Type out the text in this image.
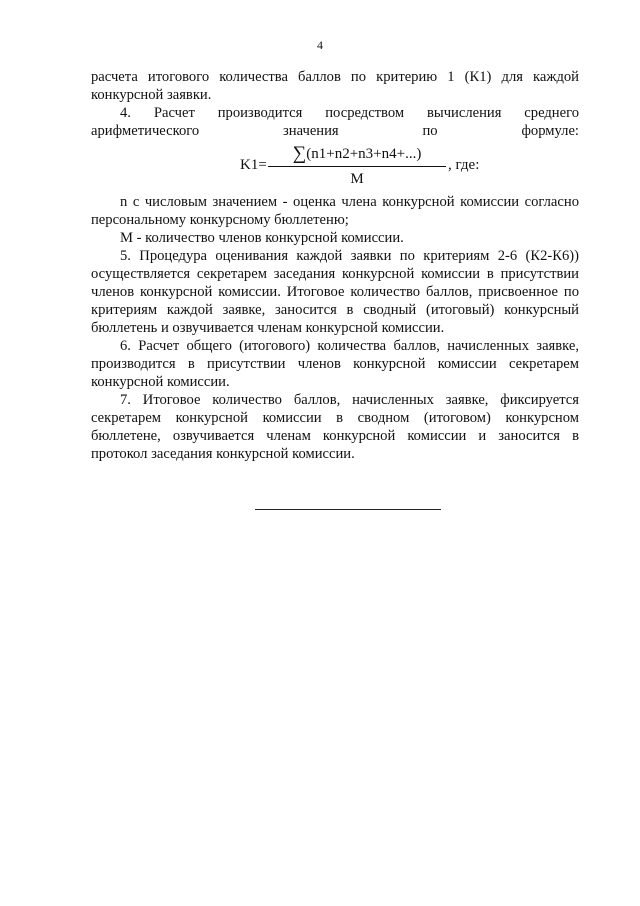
4

расчета итогового количества баллов по критерию 1 (К1) для каждой конкурсной заявки.

4. Расчет производится посредством вычисления среднего арифметического значения по формуле:

K1=
∑(n1+n2+n3+n4+...)
M
, где:

n с числовым значением - оценка члена конкурсной комиссии согласно персональному конкурсному бюллетеню;

М - количество членов конкурсной комиссии.

5. Процедура оценивания каждой заявки по критериям 2-6 (К2-К6)) осуществляется секретарем заседания конкурсной комиссии в присутствии членов конкурсной комиссии. Итоговое количество баллов, присвоенное по критериям каждой заявке, заносится в сводный (итоговый) конкурсный бюллетень и озвучивается членам конкурсной комиссии.

6. Расчет общего (итогового) количества баллов, начисленных заявке, производится в присутствии членов конкурсной комиссии секретарем конкурсной комиссии.

7. Итоговое количество баллов, начисленных заявке, фиксируется секретарем конкурсной комиссии в сводном (итоговом) конкурсном бюллетене, озвучивается членам конкурсной комиссии и заносится в протокол заседания конкурсной комиссии.
